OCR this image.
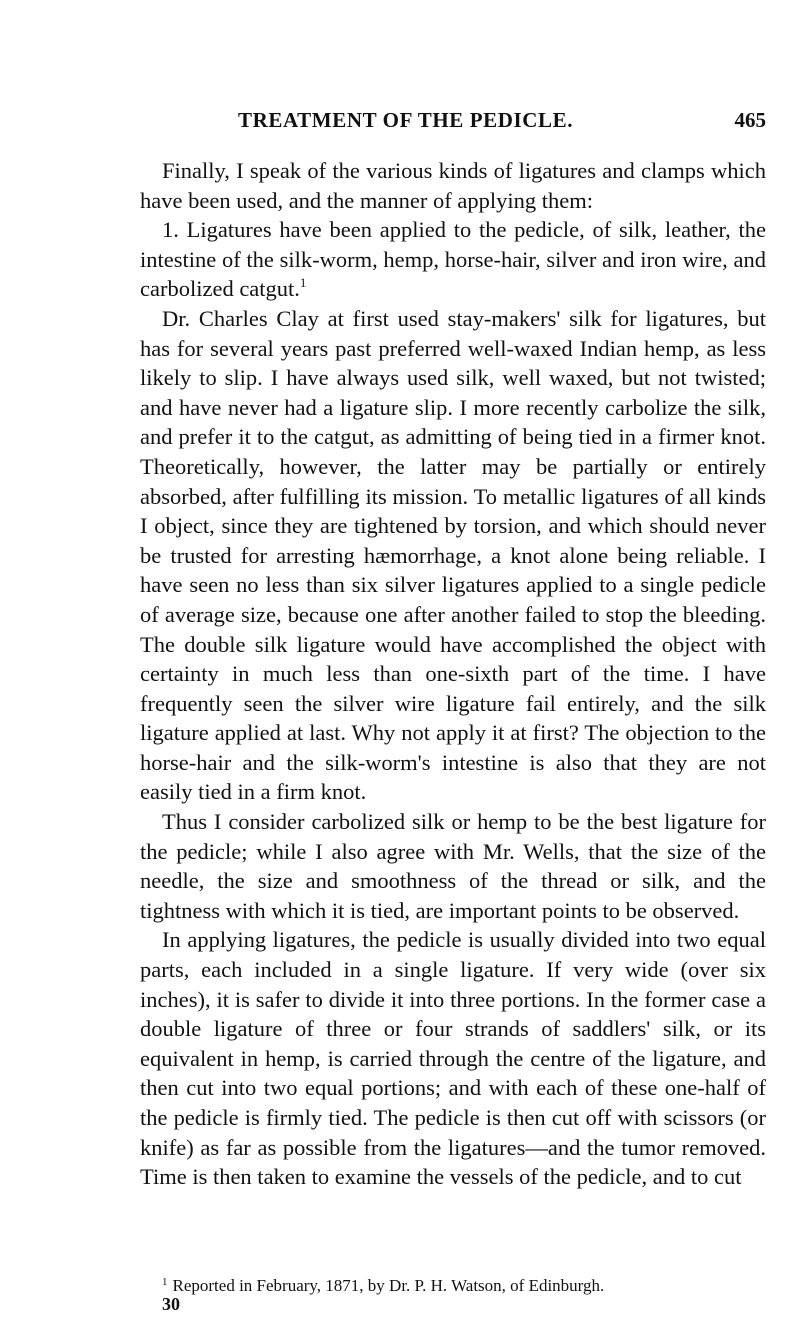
TREATMENT OF THE PEDICLE.	465

Finally, I speak of the various kinds of ligatures and clamps which have been used, and the manner of applying them:

1. Ligatures have been applied to the pedicle, of silk, leather, the intestine of the silk-worm, hemp, horse-hair, silver and iron wire, and carbolized catgut.$^1$

Dr. Charles Clay at first used stay-makers' silk for ligatures, but has for several years past preferred well-waxed Indian hemp, as less likely to slip. I have always used silk, well waxed, but not twisted; and have never had a ligature slip. I more recently carbolize the silk, and prefer it to the catgut, as admitting of being tied in a firmer knot. Theoretically, however, the latter may be partially or entirely absorbed, after fulfilling its mission. To metallic ligatures of all kinds I object, since they are tightened by torsion, and which should never be trusted for arresting hæmorrhage, a knot alone being reliable. I have seen no less than six silver ligatures applied to a single pedicle of average size, because one after another failed to stop the bleeding. The double silk ligature would have accomplished the object with certainty in much less than one-sixth part of the time. I have frequently seen the silver wire ligature fail entirely, and the silk ligature applied at last. Why not apply it at first? The objection to the horse-hair and the silk-worm's intestine is also that they are not easily tied in a firm knot.

Thus I consider carbolized silk or hemp to be the best ligature for the pedicle; while I also agree with Mr. Wells, that the size of the needle, the size and smoothness of the thread or silk, and the tightness with which it is tied, are important points to be observed.

In applying ligatures, the pedicle is usually divided into two equal parts, each included in a single ligature. If very wide (over six inches), it is safer to divide it into three portions. In the former case a double ligature of three or four strands of saddlers' silk, or its equivalent in hemp, is carried through the centre of the ligature, and then cut into two equal portions; and with each of these one-half of the pedicle is firmly tied. The pedicle is then cut off with scissors (or knife) as far as possible from the ligatures—and the tumor removed. Time is then taken to examine the vessels of the pedicle, and to cut

$^1$ Reported in February, 1871, by Dr. P. H. Watson, of Edinburgh.
30
